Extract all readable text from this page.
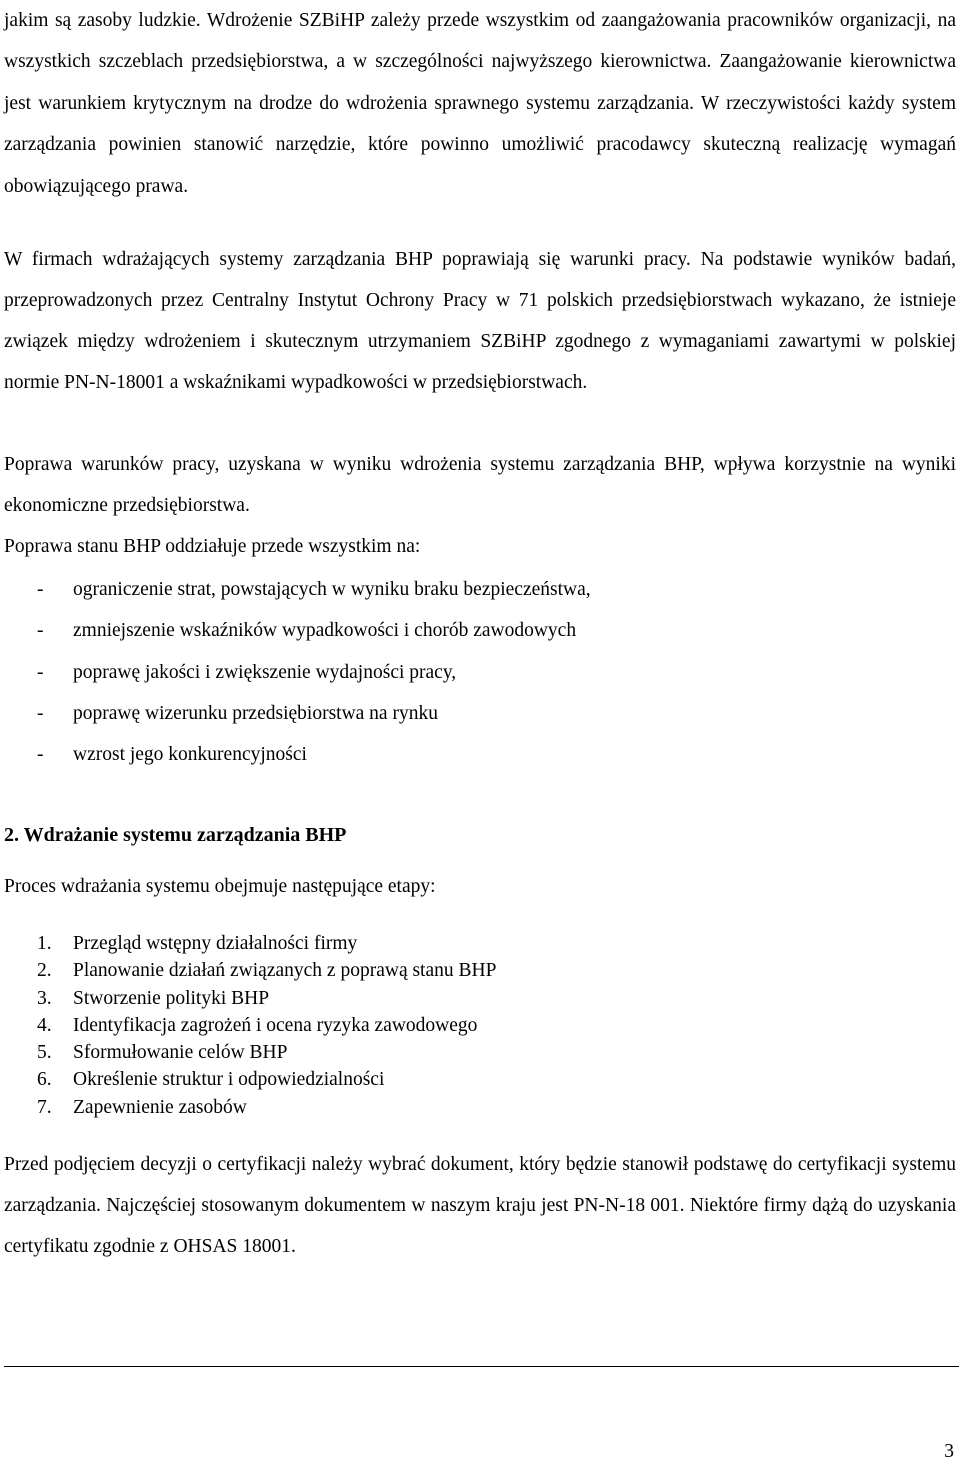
jakim są zasoby ludzkie. Wdrożenie SZBiHP zależy przede wszystkim od zaangażowania pracowników organizacji, na wszystkich szczeblach przedsiębiorstwa, a w szczególności najwyższego kierownictwa. Zaangażowanie kierownictwa jest warunkiem krytycznym na drodze do wdrożenia sprawnego systemu zarządzania. W rzeczywistości każdy system zarządzania powinien stanowić narzędzie, które powinno umożliwić pracodawcy skuteczną realizację wymagań obowiązującego prawa.

W firmach wdrażających systemy zarządzania BHP poprawiają się warunki pracy. Na podstawie wyników badań, przeprowadzonych przez Centralny Instytut Ochrony Pracy w 71 polskich przedsiębiorstwach wykazano, że istnieje związek między wdrożeniem i skutecznym utrzymaniem SZBiHP zgodnego z wymaganiami zawartymi w polskiej normie PN-N-18001 a wskaźnikami wypadkowości w przedsiębiorstwach.

Poprawa warunków pracy, uzyskana w wyniku wdrożenia systemu zarządzania BHP, wpływa korzystnie na wyniki ekonomiczne przedsiębiorstwa.

Poprawa stanu BHP oddziałuje przede wszystkim na:

- ograniczenie strat, powstających w wyniku braku bezpieczeństwa,
- zmniejszenie wskaźników wypadkowości i chorób zawodowych
- poprawę jakości i zwiększenie wydajności pracy,
- poprawę wizerunku przedsiębiorstwa na rynku
- wzrost jego konkurencyjności
2. Wdrażanie systemu zarządzania BHP

Proces wdrażania systemu obejmuje następujące etapy:

1. Przegląd wstępny działalności firmy
2. Planowanie działań związanych z poprawą stanu BHP
3. Stworzenie polityki BHP
4. Identyfikacja zagrożeń i ocena ryzyka zawodowego
5. Sformułowanie celów BHP
6. Określenie struktur i odpowiedzialności
7. Zapewnienie zasobów

Przed podjęciem decyzji o certyfikacji należy wybrać dokument, który będzie stanowił podstawę do certyfikacji systemu zarządzania. Najczęściej stosowanym dokumentem w naszym kraju jest PN-N-18 001. Niektóre firmy dążą do uzyskania certyfikatu zgodnie z OHSAS 18001.

3
